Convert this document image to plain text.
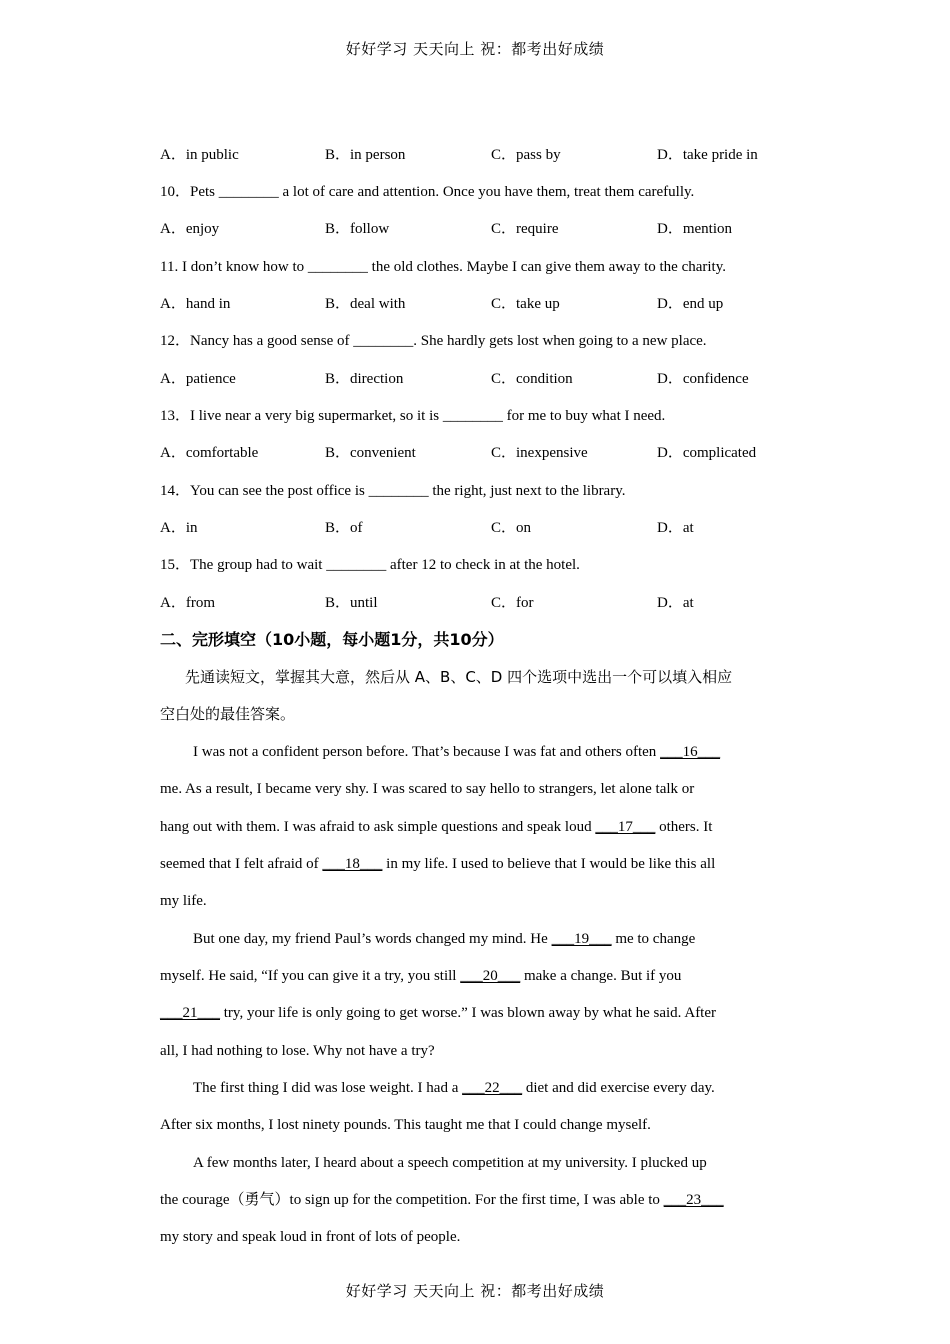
好好学习 天天向上 祝：都考出好成绩
A．in public	B．in person	C．pass by	D．take pride in
10．Pets ________ a lot of care and attention. Once you have them, treat them carefully.
A．enjoy	B．follow	C．require	D．mention
11. I don’t know how to ________ the old clothes. Maybe I can give them away to the charity.
A．hand in	B．deal with	C．take up	D．end up
12．Nancy has a good sense of ________. She hardly gets lost when going to a new place.
A．patience	B．direction	C．condition	D．confidence
13．I live near a very big supermarket, so it is ________ for me to buy what I need.
A．comfortable	B．convenient	C．inexpensive	D．complicated
14．You can see the post office is ________ the right, just next to the library.
A．in	B．of	C．on	D．at
15．The group had to wait ________ after 12 to check in at the hotel.
A．from	B．until	C．for	D．at
二、完形填空（10小题，每小题1分，共10分）
先通读短文，掌握其大意，然后从 A、B、C、D 四个选项中选出一个可以填入相应
空白处的最佳答案。
I was not a confident person before. That’s because I was fat and others often ___16___
me. As a result, I became very shy. I was scared to say hello to strangers, let alone talk or
hang out with them. I was afraid to ask simple questions and speak loud ___17___ others. It
seemed that I felt afraid of ___18___ in my life. I used to believe that I would be like this all
my life.
But one day, my friend Paul’s words changed my mind. He ___19___ me to change
myself. He said, “If you can give it a try, you still ___20___ make a change. But if you
___21___ try, your life is only going to get worse.” I was blown away by what he said. After
all, I had nothing to lose. Why not have a try?
The first thing I did was lose weight. I had a ___22___ diet and did exercise every day.
After six months, I lost ninety pounds. This taught me that I could change myself.
A few months later, I heard about a speech competition at my university. I plucked up
the courage（勇气）to sign up for the competition. For the first time, I was able to ___23___
my story and speak loud in front of lots of people.
好好学习 天天向上 祝：都考出好成绩
